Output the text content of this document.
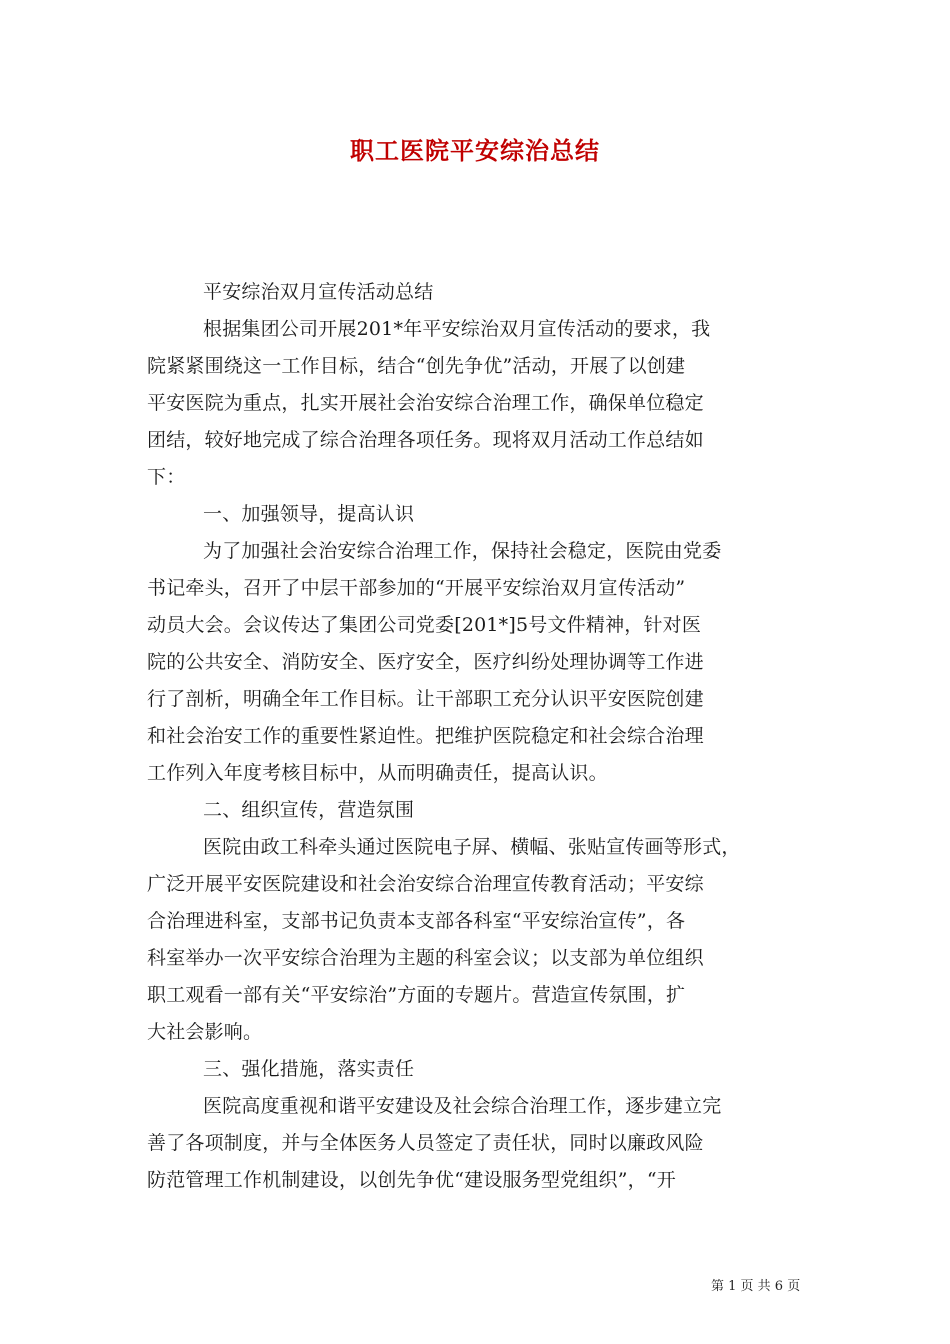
职工医院平安综治总结

平安综治双月宣传活动总结

根据集团公司开展201*年平安综治双月宣传活动的要求，我

院紧紧围绕这一工作目标，结合“创先争优”活动，开展了以创建

平安医院为重点，扎实开展社会治安综合治理工作，确保单位稳定

团结，较好地完成了综合治理各项任务。现将双月活动工作总结如

下：

一、加强领导，提高认识

为了加强社会治安综合治理工作，保持社会稳定，医院由党委

书记牵头，召开了中层干部参加的“开展平安综治双月宣传活动”

动员大会。会议传达了集团公司党委[201*]5号文件精神，针对医

院的公共安全、消防安全、医疗安全，医疗纠纷处理协调等工作进

行了剖析，明确全年工作目标。让干部职工充分认识平安医院创建

和社会治安工作的重要性紧迫性。把维护医院稳定和社会综合治理

工作列入年度考核目标中，从而明确责任，提高认识。

二、组织宣传，营造氛围

医院由政工科牵头通过医院电子屏、横幅、张贴宣传画等形式，

广泛开展平安医院建设和社会治安综合治理宣传教育活动；平安综

合治理进科室，支部书记负责本支部各科室“平安综治宣传”，各

科室举办一次平安综合治理为主题的科室会议；以支部为单位组织

职工观看一部有关“平安综治”方面的专题片。营造宣传氛围，扩

大社会影响。

三、强化措施，落实责任

医院高度重视和谐平安建设及社会综合治理工作，逐步建立完

善了各项制度，并与全体医务人员签定了责任状，同时以廉政风险

防范管理工作机制建设，以创先争优“建设服务型党组织”，“开

第 1 页 共 6 页
